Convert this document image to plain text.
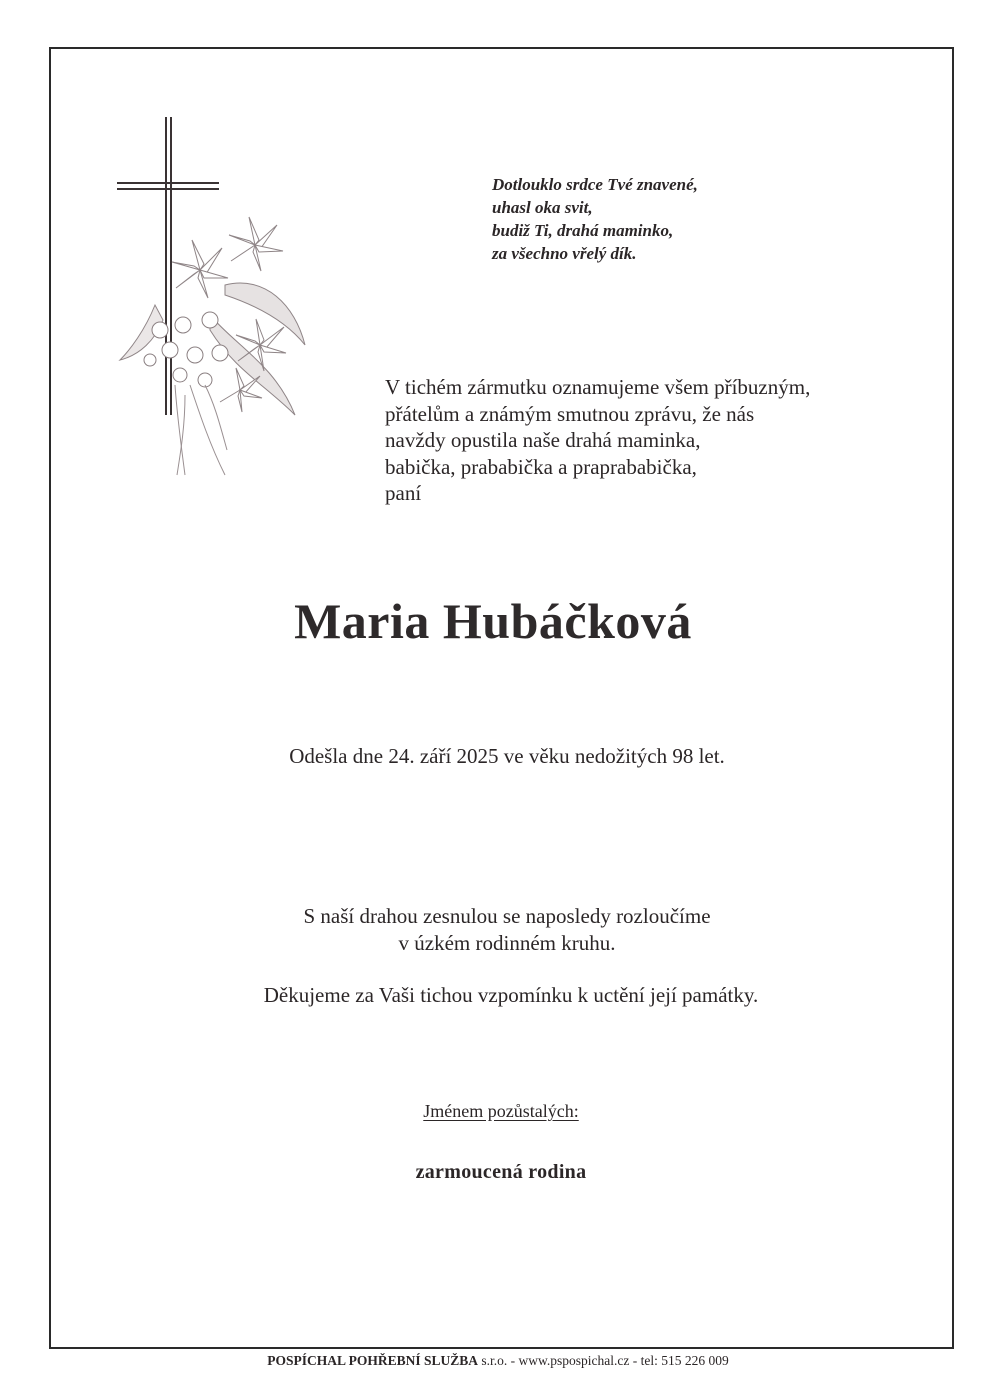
Dotlouklo srdce Tvé znavené,
uhasl oka svit,
budiž Ti, drahá maminko,
za všechno vřelý dík.
V tichém zármutku oznamujeme všem příbuzným,
přátelům a známým smutnou zprávu, že nás
navždy opustila naše drahá maminka,
babička, prababička a praprababička,
paní
Maria Hubáčková
Odešla dne 24. září 2025 ve věku nedožitých 98 let.
S naší drahou zesnulou se naposledy rozloučíme
v úzkém rodinném kruhu.
Děkujeme za Vaši tichou vzpomínku k uctění její památky.
Jménem pozůstalých:
zarmoucená rodina
POSPÍCHAL POHŘEBNÍ SLUŽBA s.r.o. - www.pspospichal.cz - tel: 515 226 009
